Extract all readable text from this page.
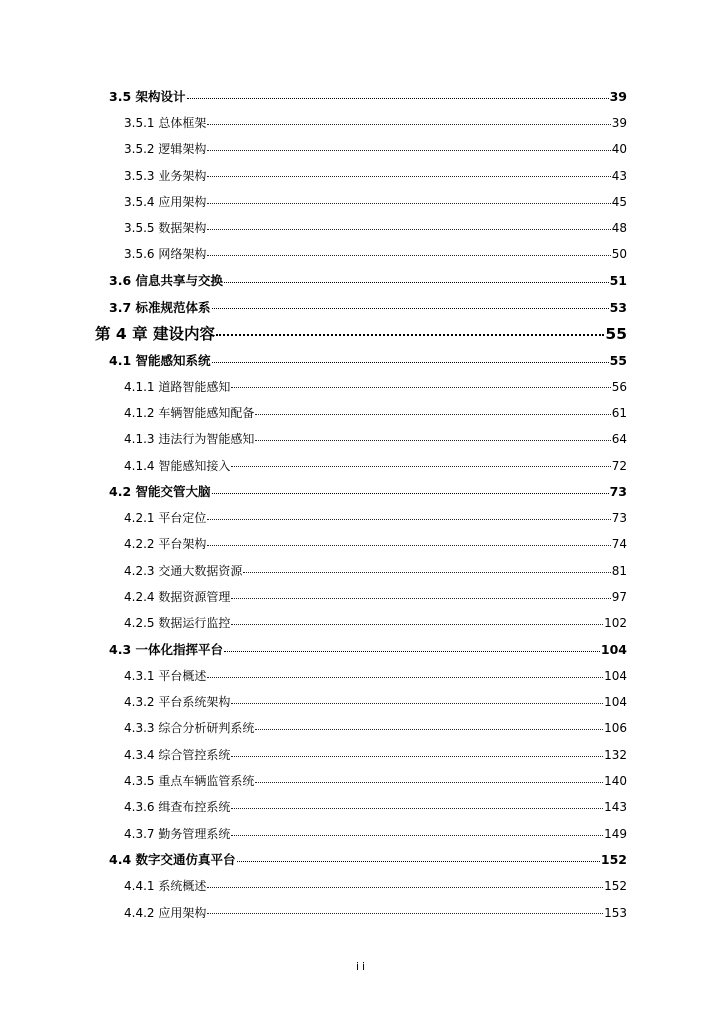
3.5 架构设计	39
3.5.1 总体框架	39
3.5.2 逻辑架构	40
3.5.3 业务架构	43
3.5.4 应用架构	45
3.5.5 数据架构	48
3.5.6 网络架构	50
3.6 信息共享与交换	51
3.7 标准规范体系	53
第 4 章 建设内容	55
4.1 智能感知系统	55
4.1.1 道路智能感知	56
4.1.2 车辆智能感知配备	61
4.1.3 违法行为智能感知	64
4.1.4 智能感知接入	72
4.2 智能交管大脑	73
4.2.1 平台定位	73
4.2.2 平台架构	74
4.2.3 交通大数据资源	81
4.2.4 数据资源管理	97
4.2.5 数据运行监控	102
4.3 一体化指挥平台	104
4.3.1 平台概述	104
4.3.2 平台系统架构	104
4.3.3 综合分析研判系统	106
4.3.4 综合管控系统	132
4.3.5 重点车辆监管系统	140
4.3.6 缉查布控系统	143
4.3.7 勤务管理系统	149
4.4 数字交通仿真平台	152
4.4.1 系统概述	152
4.4.2 应用架构	153
ii
